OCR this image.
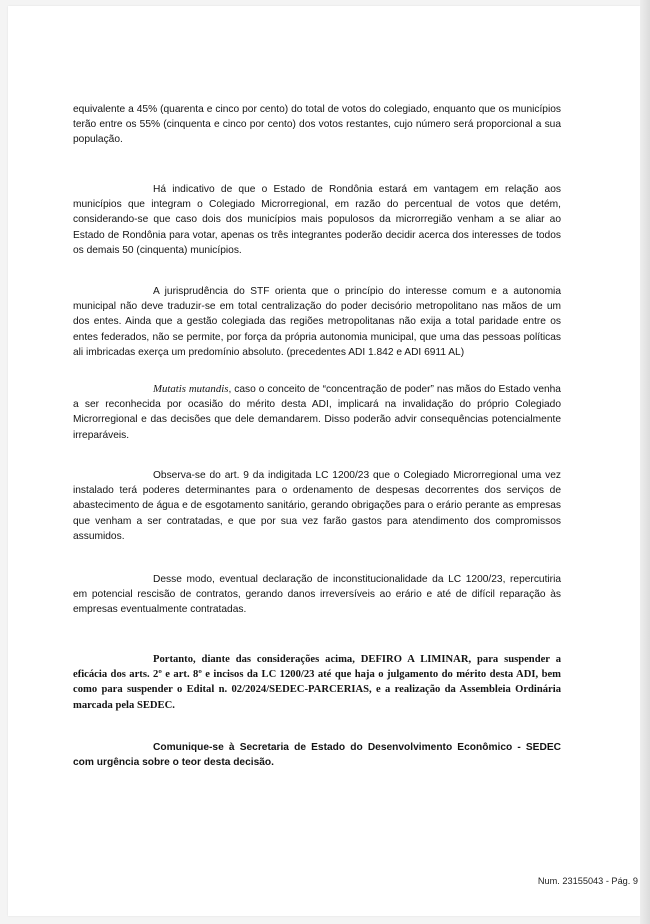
equivalente a 45% (quarenta e cinco por cento) do total de votos do colegiado, enquanto que os municípios terão entre os 55% (cinquenta e cinco por cento) dos votos restantes, cujo número será proporcional a sua população.

Há indicativo de que o Estado de Rondônia estará em vantagem em relação aos municípios que integram o Colegiado Microrregional, em razão do percentual de votos que detém, considerando-se que caso dois dos municípios mais populosos da microrregião venham a se aliar ao Estado de Rondônia para votar, apenas os três integrantes poderão decidir acerca dos interesses de todos os demais 50 (cinquenta) municípios.

A jurisprudência do STF orienta que o princípio do interesse comum e a autonomia municipal não deve traduzir-se em total centralização do poder decisório metropolitano nas mãos de um dos entes. Ainda que a gestão colegiada das regiões metropolitanas não exija a total paridade entre os entes federados, não se permite, por força da própria autonomia municipal, que uma das pessoas políticas ali imbricadas exerça um predomínio absoluto. (precedentes ADI 1.842 e ADI 6911 AL)

Mutatis mutandis, caso o conceito de “concentração de poder” nas mãos do Estado venha a ser reconhecida por ocasião do mérito desta ADI, implicará na invalidação do próprio Colegiado Microrregional e das decisões que dele demandarem. Disso poderão advir consequências potencialmente irreparáveis.

Observa-se do art. 9 da indigitada LC 1200/23 que o Colegiado Microrregional uma vez instalado terá poderes determinantes para o ordenamento de despesas decorrentes dos serviços de abastecimento de água e de esgotamento sanitário, gerando obrigações para o erário perante as empresas que venham a ser contratadas, e que por sua vez farão gastos para atendimento dos compromissos assumidos.

Desse modo, eventual declaração de inconstitucionalidade da LC 1200/23, repercutiria em potencial rescisão de contratos, gerando danos irreversíveis ao erário e até de difícil reparação às empresas eventualmente contratadas.

Portanto, diante das considerações acima, DEFIRO A LIMINAR, para suspender a eficácia dos arts. 2º e art. 8º e incisos da LC 1200/23 até que haja o julgamento do mérito desta ADI, bem como para suspender o Edital n. 02/2024/SEDEC-PARCERIAS, e a realização da Assembleia Ordinária marcada pela SEDEC.

Comunique-se à Secretaria de Estado do Desenvolvimento Econômico - SEDEC com urgência sobre o teor desta decisão.

Num. 23155043 - Pág. 9
